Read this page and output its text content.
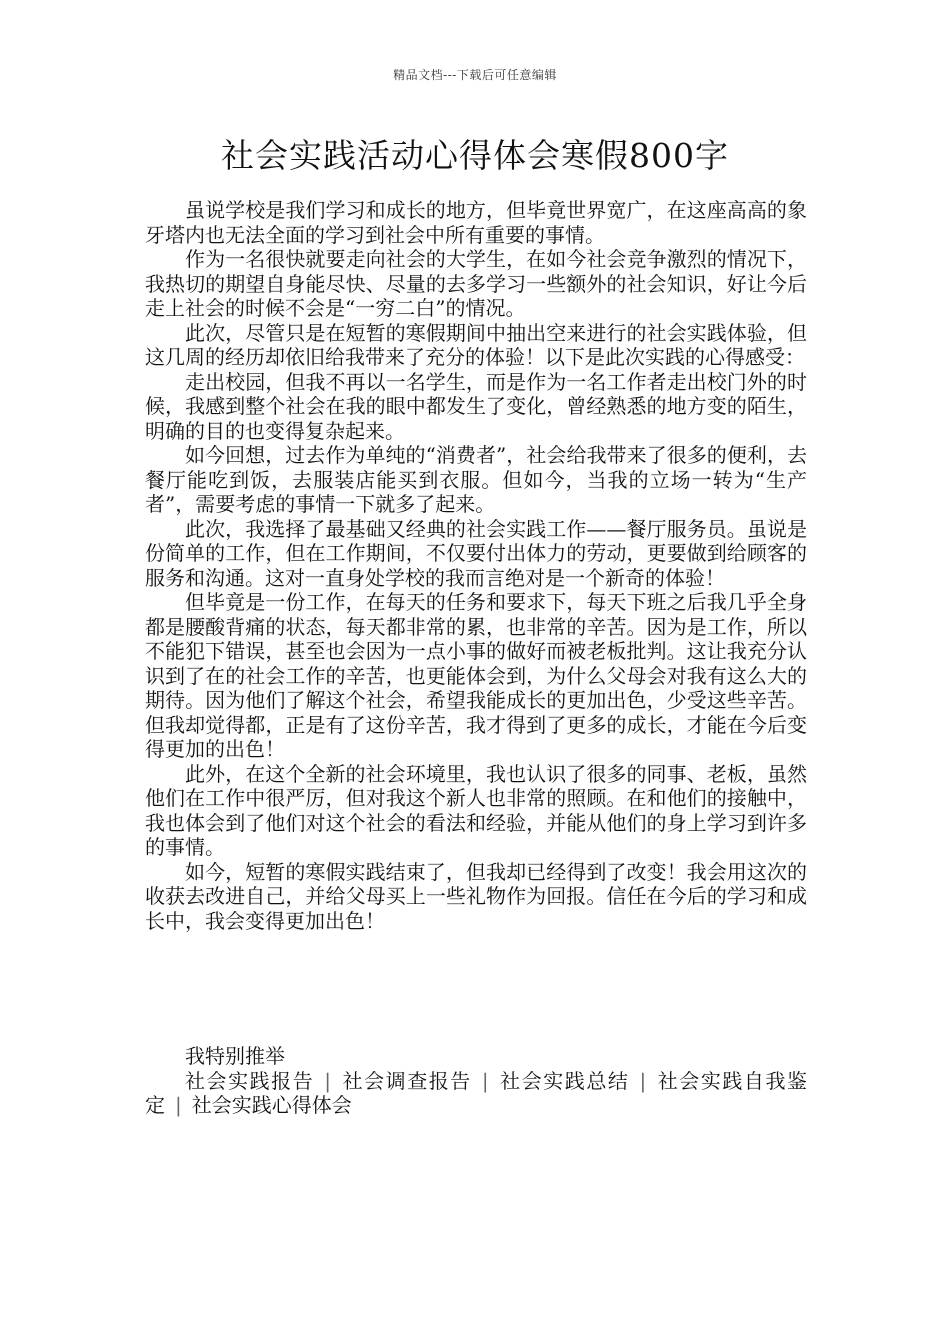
精品文档---下载后可任意编辑
社会实践活动心得体会寒假800字

虽说学校是我们学习和成长的地方，但毕竟世界宽广，在这座高高的象牙塔内也无法全面的学习到社会中所有重要的事情。

作为一名很快就要走向社会的大学生，在如今社会竞争激烈的情况下，我热切的期望自身能尽快、尽量的去多学习一些额外的社会知识，好让今后走上社会的时候不会是“一穷二白”的情况。

此次，尽管只是在短暂的寒假期间中抽出空来进行的社会实践体验，但这几周的经历却依旧给我带来了充分的体验！以下是此次实践的心得感受：

走出校园，但我不再以一名学生，而是作为一名工作者走出校门外的时候，我感到整个社会在我的眼中都发生了变化，曾经熟悉的地方变的陌生，明确的目的也变得复杂起来。

如今回想，过去作为单纯的“消费者”，社会给我带来了很多的便利，去餐厅能吃到饭，去服装店能买到衣服。但如今，当我的立场一转为“生产者”，需要考虑的事情一下就多了起来。

此次，我选择了最基础又经典的社会实践工作——餐厅服务员。虽说是份简单的工作，但在工作期间，不仅要付出体力的劳动，更要做到给顾客的服务和沟通。这对一直身处学校的我而言绝对是一个新奇的体验！

但毕竟是一份工作，在每天的任务和要求下，每天下班之后我几乎全身都是腰酸背痛的状态，每天都非常的累，也非常的辛苦。因为是工作，所以不能犯下错误，甚至也会因为一点小事的做好而被老板批判。这让我充分认识到了在的社会工作的辛苦，也更能体会到，为什么父母会对我有这么大的期待。因为他们了解这个社会，希望我能成长的更加出色，少受这些辛苦。但我却觉得都，正是有了这份辛苦，我才得到了更多的成长，才能在今后变得更加的出色！

此外，在这个全新的社会环境里，我也认识了很多的同事、老板，虽然他们在工作中很严厉，但对我这个新人也非常的照顾。在和他们的接触中，我也体会到了他们对这个社会的看法和经验，并能从他们的身上学习到许多的事情。

如今，短暂的寒假实践结束了，但我却已经得到了改变！我会用这次的收获去改进自己，并给父母买上一些礼物作为回报。信任在今后的学习和成长中，我会变得更加出色！

我特别推举

社会实践报告 | 社会调查报告 | 社会实践总结 | 社会实践自我鉴定 | 社会实践心得体会
